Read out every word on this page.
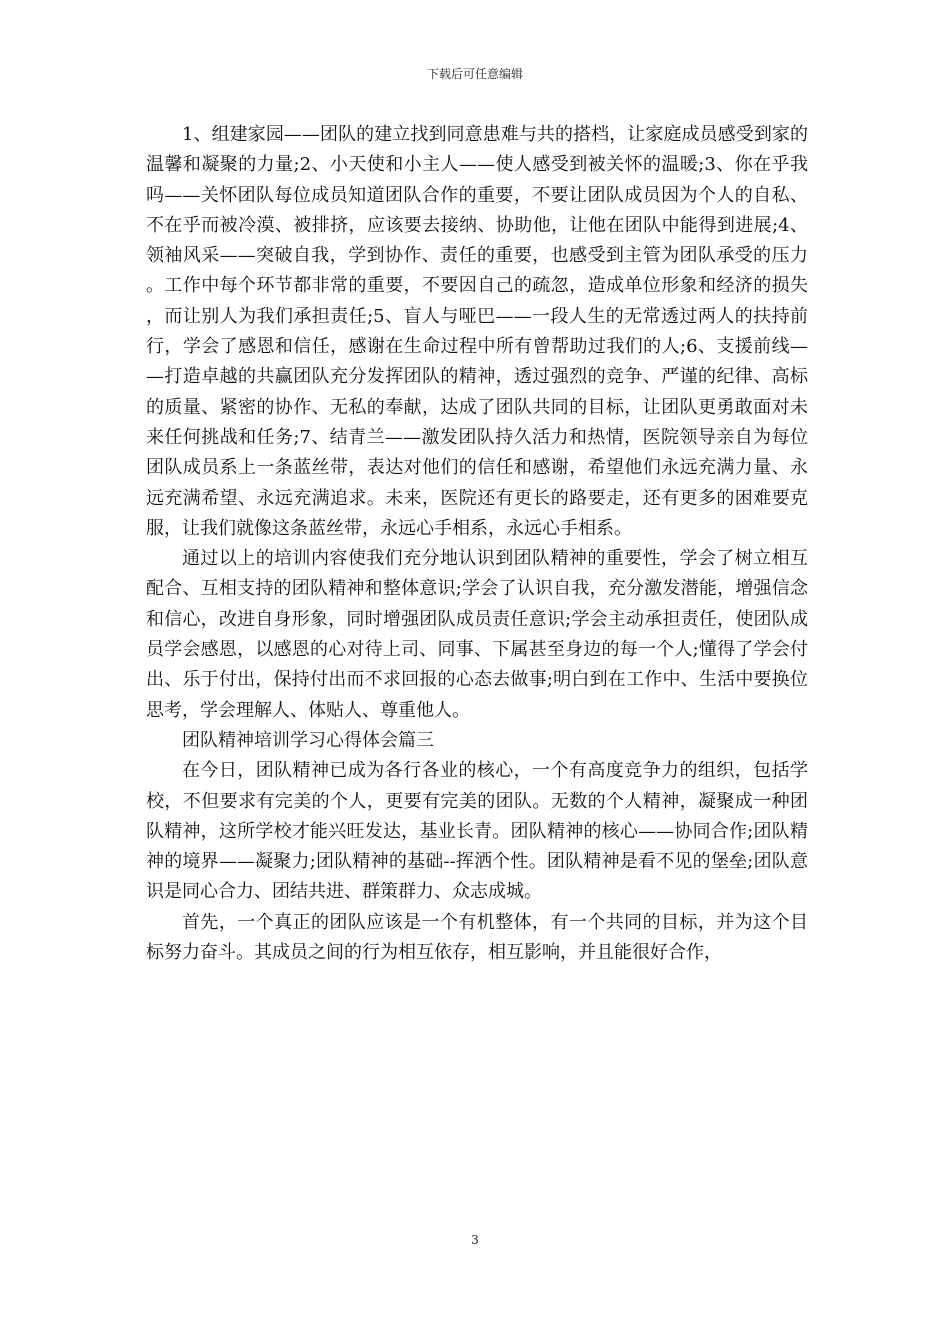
下载后可任意编辑

1、组建家园——团队的建立找到同意患难与共的搭档，让家庭成员感受到家的温馨和凝聚的力量;2、小天使和小主人——使人感受到被关怀的温暖;3、你在乎我吗——关怀团队每位成员知道团队合作的重要，不要让团队成员因为个人的自私、不在乎而被冷漠、被排挤，应该要去接纳、协助他，让他在团队中能得到进展;4、领袖风采——突破自我，学到协作、责任的重要，也感受到主管为团队承受的压力。工作中每个环节都非常的重要，不要因自己的疏忽，造成单位形象和经济的损失，而让别人为我们承担责任;5、盲人与哑巴——一段人生的无常透过两人的扶持前行，学会了感恩和信任，感谢在生命过程中所有曾帮助过我们的人;6、支援前线——打造卓越的共赢团队充分发挥团队的精神，透过强烈的竞争、严谨的纪律、高标的质量、紧密的协作、无私的奉献，达成了团队共同的目标，让团队更勇敢面对未来任何挑战和任务;7、结青兰——激发团队持久活力和热情，医院领导亲自为每位团队成员系上一条蓝丝带，表达对他们的信任和感谢，希望他们永远充满力量、永远充满希望、永远充满追求。未来，医院还有更长的路要走，还有更多的困难要克服，让我们就像这条蓝丝带，永远心手相系，永远心手相系。

通过以上的培训内容使我们充分地认识到团队精神的重要性，学会了树立相互配合、互相支持的团队精神和整体意识;学会了认识自我，充分激发潜能，增强信念和信心，改进自身形象，同时增强团队成员责任意识;学会主动承担责任，使团队成员学会感恩，以感恩的心对待上司、同事、下属甚至身边的每一个人;懂得了学会付出、乐于付出，保持付出而不求回报的心态去做事;明白到在工作中、生活中要换位思考，学会理解人、体贴人、尊重他人。

团队精神培训学习心得体会篇三

在今日，团队精神已成为各行各业的核心，一个有高度竞争力的组织，包括学校，不但要求有完美的个人，更要有完美的团队。无数的个人精神，凝聚成一种团队精神，这所学校才能兴旺发达，基业长青。团队精神的核心——协同合作;团队精神的境界——凝聚力;团队精神的基础--挥洒个性。团队精神是看不见的堡垒;团队意识是同心合力、团结共进、群策群力、众志成城。

首先，一个真正的团队应该是一个有机整体，有一个共同的目标，并为这个目标努力奋斗。其成员之间的行为相互依存，相互影响，并且能很好合作，

3
